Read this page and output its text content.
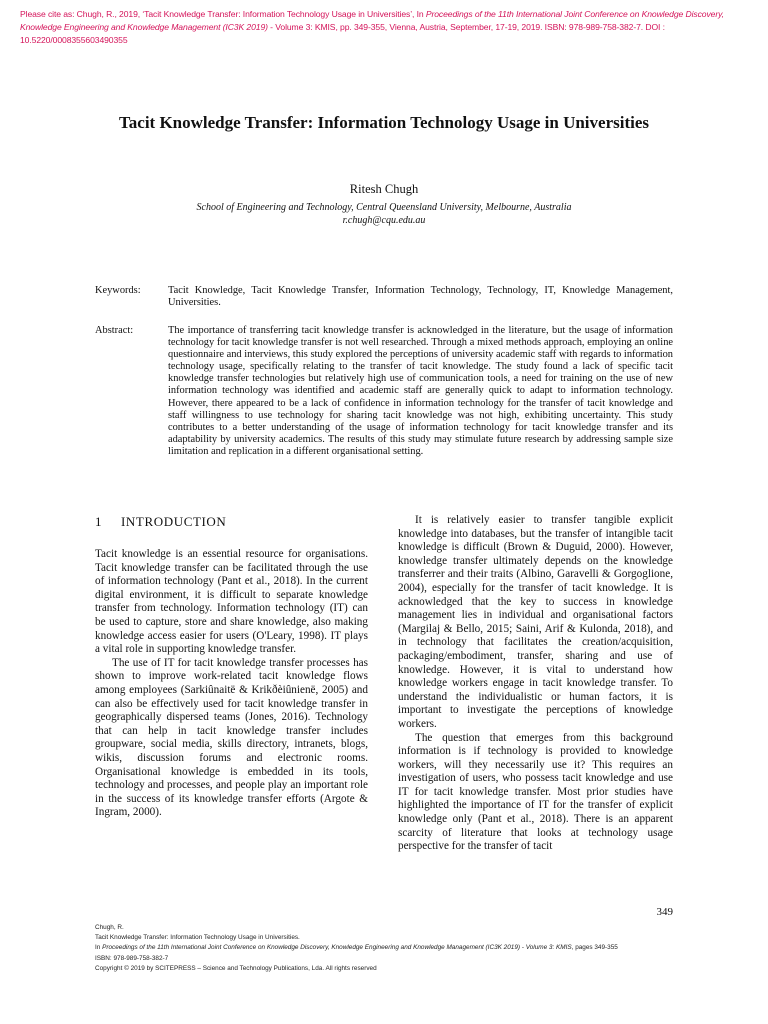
Please cite as: Chugh, R., 2019, ‘Tacit Knowledge Transfer: Information Technology Usage in Universities’, In Proceedings of the 11th International Joint Conference on Knowledge Discovery, Knowledge Engineering and Knowledge Management (IC3K 2019) - Volume 3: KMIS, pp. 349-355, Vienna, Austria, September, 17-19, 2019. ISBN: 978-989-758-382-7. DOI : 10.5220/0008355603490355
Tacit Knowledge Transfer: Information Technology Usage in Universities
Ritesh Chugh
School of Engineering and Technology, Central Queensland University, Melbourne, Australia
r.chugh@cqu.edu.au
Keywords:	Tacit Knowledge, Tacit Knowledge Transfer, Information Technology, Technology, IT, Knowledge Management, Universities.

Abstract:	The importance of transferring tacit knowledge transfer is acknowledged in the literature, but the usage of information technology for tacit knowledge transfer is not well researched. Through a mixed methods approach, employing an online questionnaire and interviews, this study explored the perceptions of university academic staff with regards to information technology usage, specifically relating to the transfer of tacit knowledge. The study found a lack of specific tacit knowledge transfer technologies but relatively high use of communication tools, a need for training on the use of new information technology was identified and academic staff are generally quick to adapt to information technology. However, there appeared to be a lack of confidence in information technology for the transfer of tacit knowledge and staff willingness to use technology for sharing tacit knowledge was not high, exhibiting uncertainty. This study contributes to a better understanding of the usage of information technology for tacit knowledge transfer and its adaptability by university academics. The results of this study may stimulate future research by addressing sample size limitation and replication in a different organisational setting.

1 INTRODUCTION

Tacit knowledge is an essential resource for organisations. Tacit knowledge transfer can be facilitated through the use of information technology (Pant et al., 2018). In the current digital environment, it is difficult to separate knowledge transfer from technology. Information technology (IT) can be used to capture, store and share knowledge, also making knowledge access easier for users (O'Leary, 1998). IT plays a vital role in supporting knowledge transfer.

The use of IT for tacit knowledge transfer processes has shown to improve work-related tacit knowledge flows among employees (Sarkiûnaitë & Krikðèiûnienë, 2005) and can also be effectively used for tacit knowledge transfer in geographically dispersed teams (Jones, 2016). Technology that can help in tacit knowledge transfer includes groupware, social media, skills directory, intranets, blogs, wikis, discussion forums and electronic rooms. Organisational knowledge is embedded in its tools, technology and processes, and people play an important role in the success of its knowledge transfer efforts (Argote & Ingram, 2000).

It is relatively easier to transfer tangible explicit knowledge into databases, but the transfer of intangible tacit knowledge is difficult (Brown & Duguid, 2000). However, knowledge transfer ultimately depends on the knowledge transferrer and their traits (Albino, Garavelli & Gorgoglione, 2004), especially for the transfer of tacit knowledge. It is acknowledged that the key to success in knowledge management lies in individual and organisational factors (Margilaj & Bello, 2015; Saini, Arif & Kulonda, 2018), and in technology that facilitates the creation/acquisition, packaging/embodiment, transfer, sharing and use of knowledge. However, it is vital to understand how knowledge workers engage in tacit knowledge transfer. To understand the individualistic or human factors, it is important to investigate the perceptions of knowledge workers.

The question that emerges from this background information is if technology is provided to knowledge workers, will they necessarily use it? This requires an investigation of users, who possess tacit knowledge and use IT for tacit knowledge transfer. Most prior studies have highlighted the importance of IT for the transfer of explicit knowledge only (Pant et al., 2018). There is an apparent scarcity of literature that looks at technology usage perspective for the transfer of tacit

349
Chugh, R.
Tacit Knowledge Transfer: Information Technology Usage in Universities.
In Proceedings of the 11th International Joint Conference on Knowledge Discovery, Knowledge Engineering and Knowledge Management (IC3K 2019) - Volume 3: KMIS, pages 349-355
ISBN: 978-989-758-382-7
Copyright © 2019 by SCITEPRESS – Science and Technology Publications, Lda. All rights reserved
